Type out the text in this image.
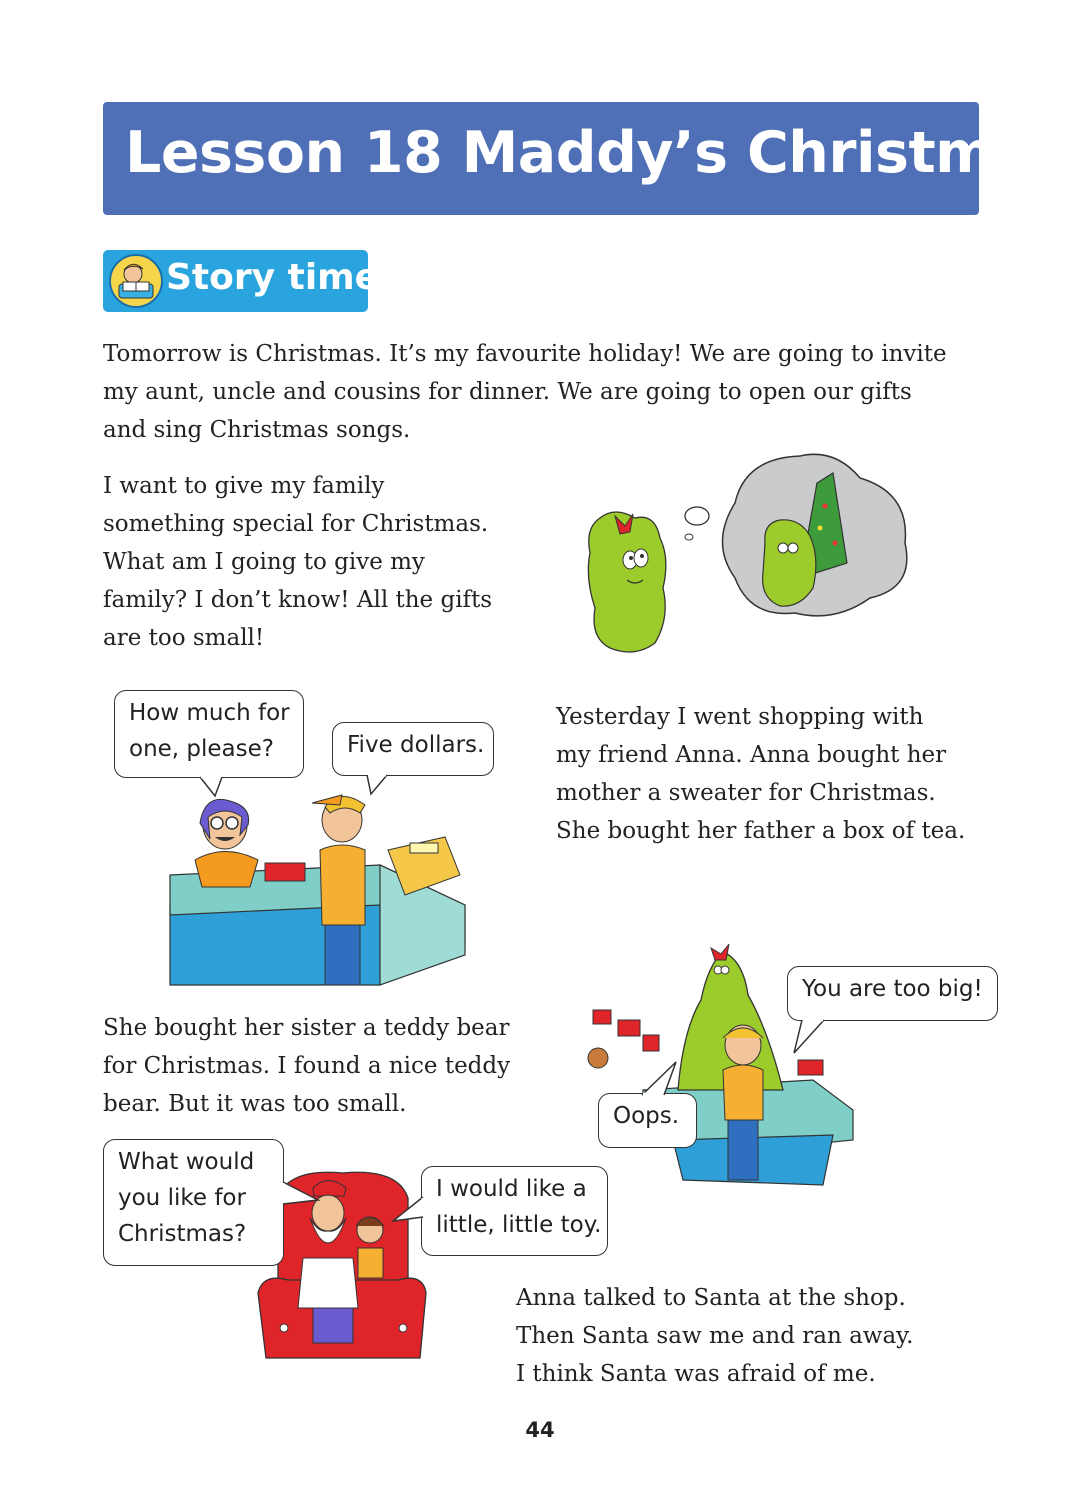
Lesson 18 Maddy’s Christmas
Story time

Tomorrow is Christmas. It’s my favourite holiday! We are going to invite
my aunt, uncle and cousins for dinner. We are going to open our gifts
and sing Christmas songs.

I want to give my family
something special for Christmas.
What am I going to give my
family? I don’t know! All the gifts
are too small!

How much for
one, please?	Five dollars.

Yesterday I went shopping with
my friend Anna. Anna bought her
mother a sweater for Christmas.
She bought her father a box of tea.

She bought her sister a teddy bear
for Christmas. I found a nice teddy
bear. But it was too small.

You are too big!
Oops.
What would
you like for
Christmas?
I would like a
little, little toy.

Anna talked to Santa at the shop.
Then Santa saw me and ran away.
I think Santa was afraid of me.

44
